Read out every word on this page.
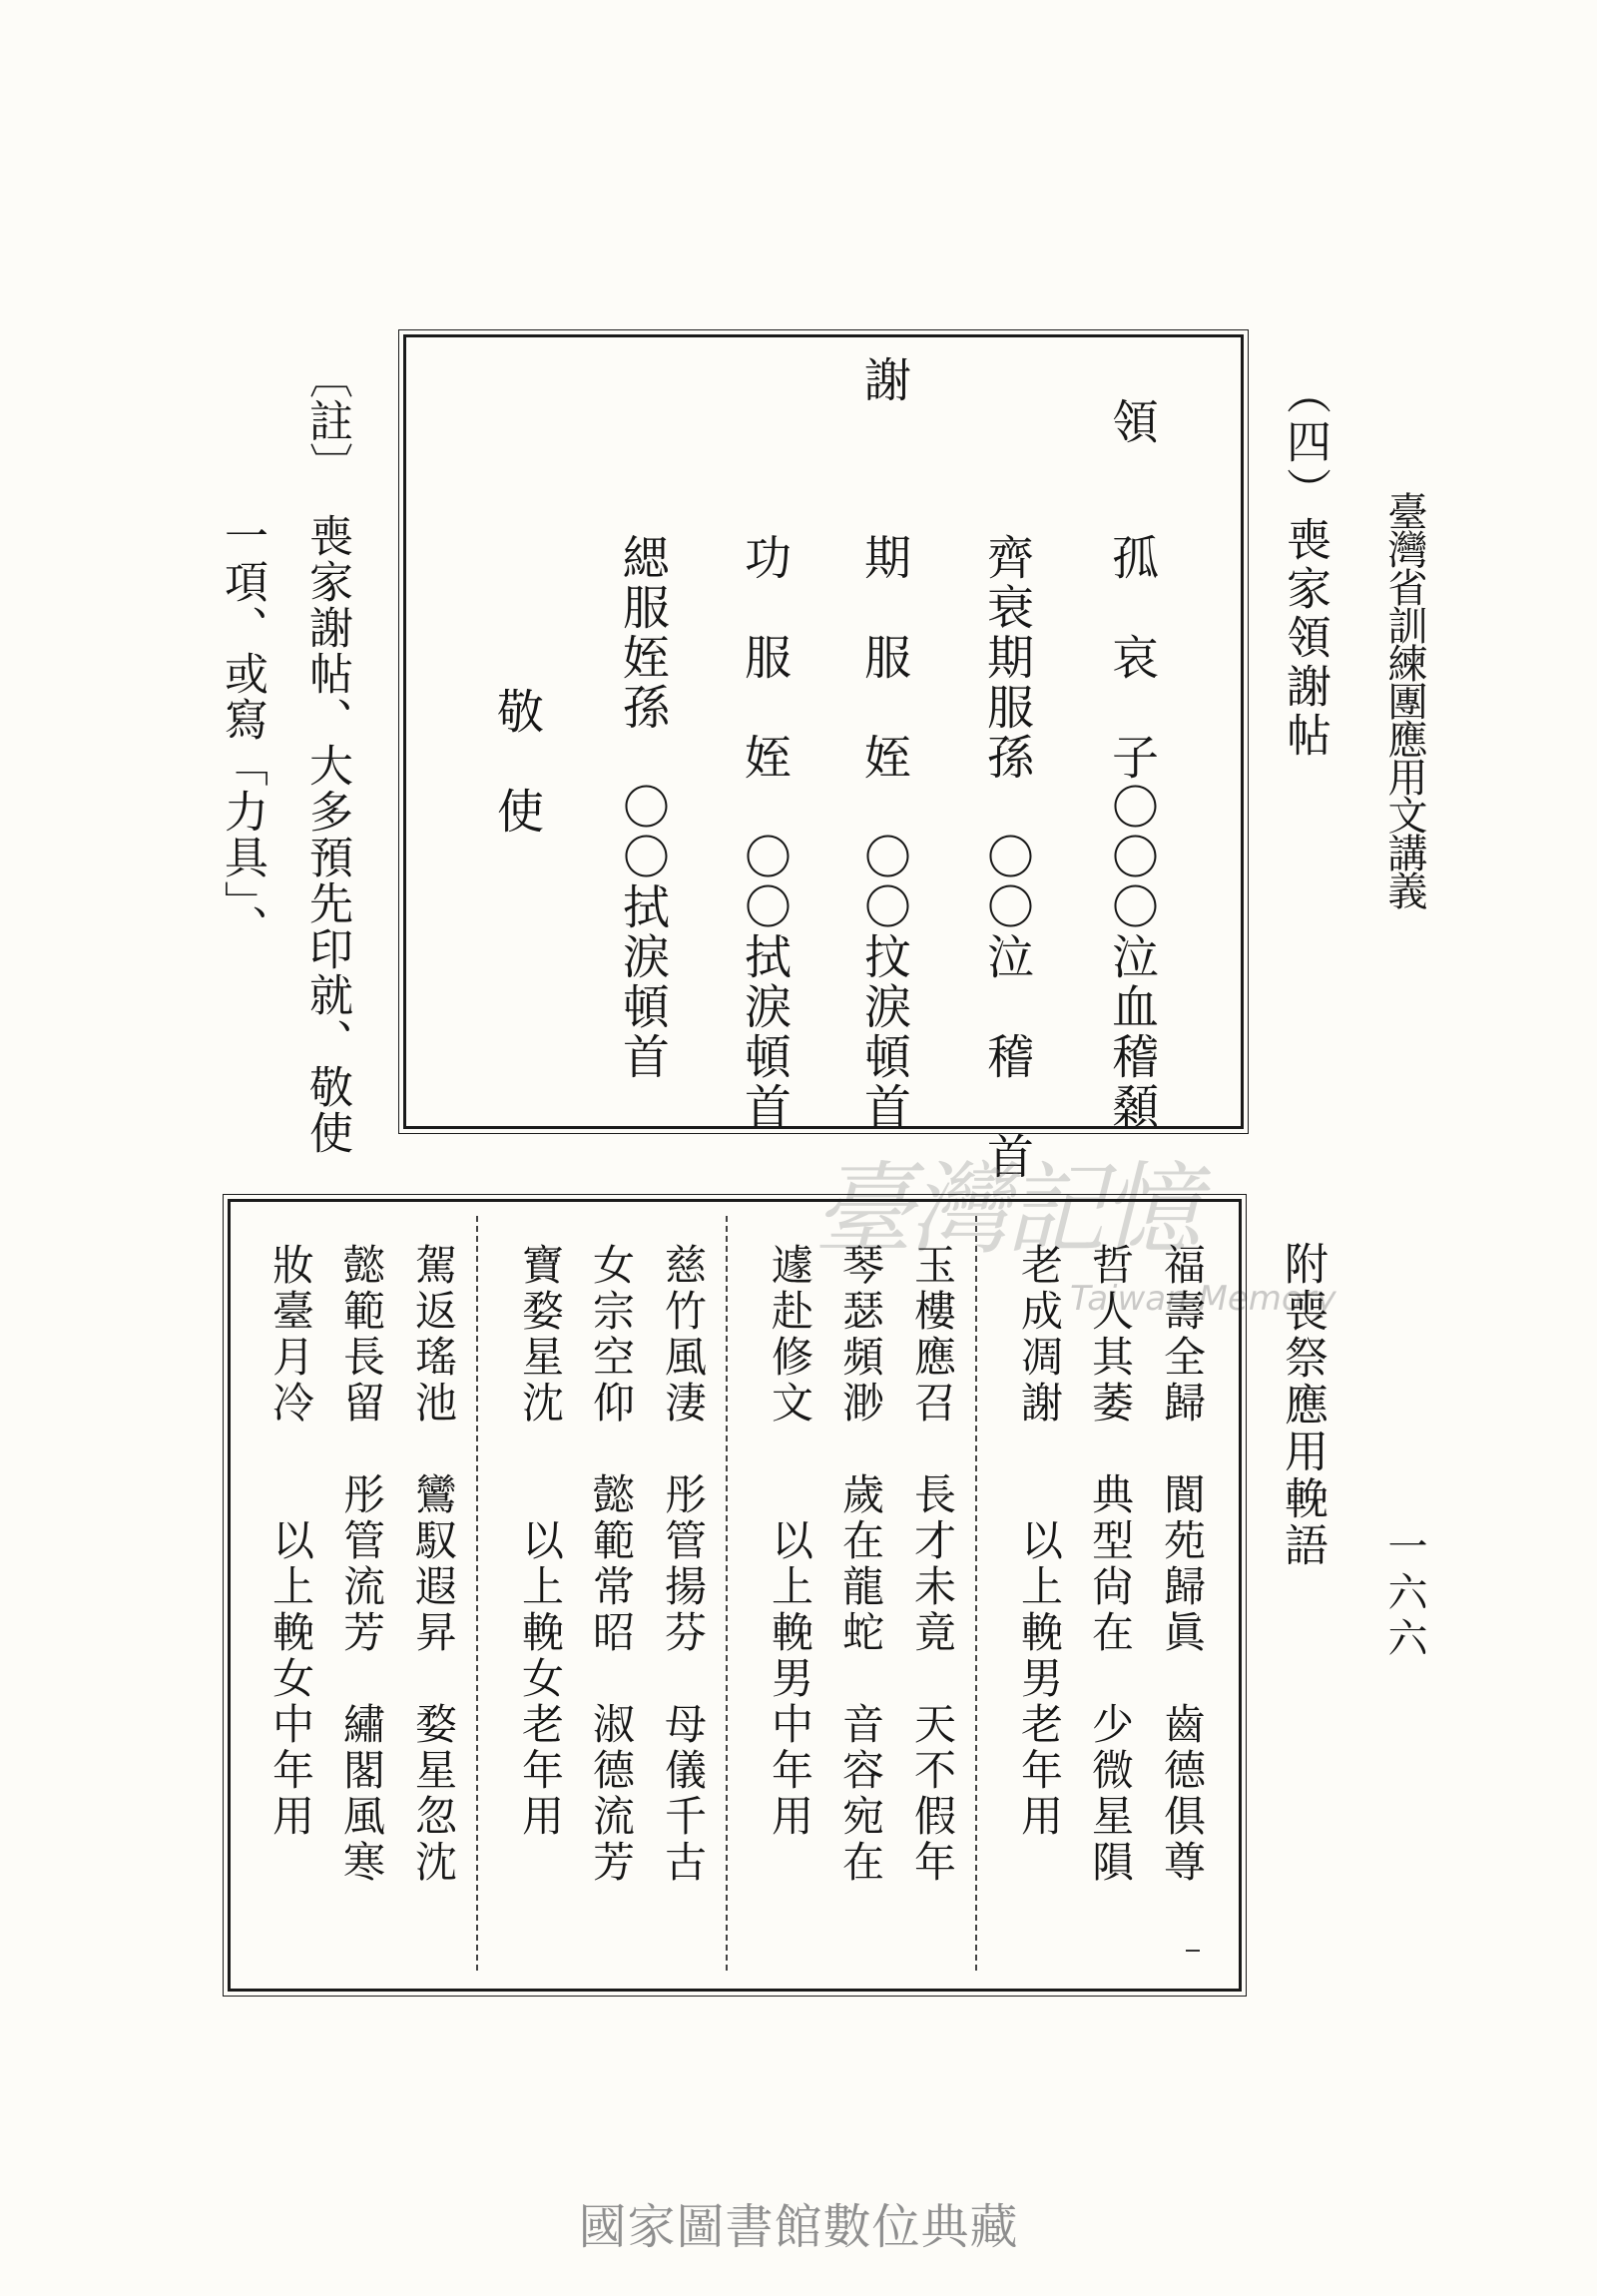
臺灣省訓練團應用文講義
一六六
（四）喪家領謝帖
領
孤　哀　子〇〇〇泣血稽顙
齊衰期服孫　〇〇泣　稽　首
謝
期　服　姪　〇〇抆淚頓首
功　服　姪　〇〇拭淚頓首
緦服姪孫　〇〇拭淚頓首
敬　使
〔註〕
喪家謝帖、大多預先印就、敬使
一項、或寫「力具」、
臺灣記憶
Taiwan Memory
附喪祭應用輓語
福壽全歸　閬苑歸眞　齒德俱尊
哲人其萎　典型尙在　少微星隕
老成凋謝　　以上輓男老年用
玉樓應召　長才未竟　天不假年
琴瑟頻渺　歲在龍蛇　音容宛在
遽赴修文　　以上輓男中年用
慈竹風淒　彤管揚芬　母儀千古
女宗空仰　懿範常昭　淑德流芳
寶婺星沈　　以上輓女老年用
駕返瑤池　鸞馭遐昇　婺星忽沈
懿範長留　彤管流芳　繡閣風寒
妝臺月冷　　以上輓女中年用
國家圖書館數位典藏
